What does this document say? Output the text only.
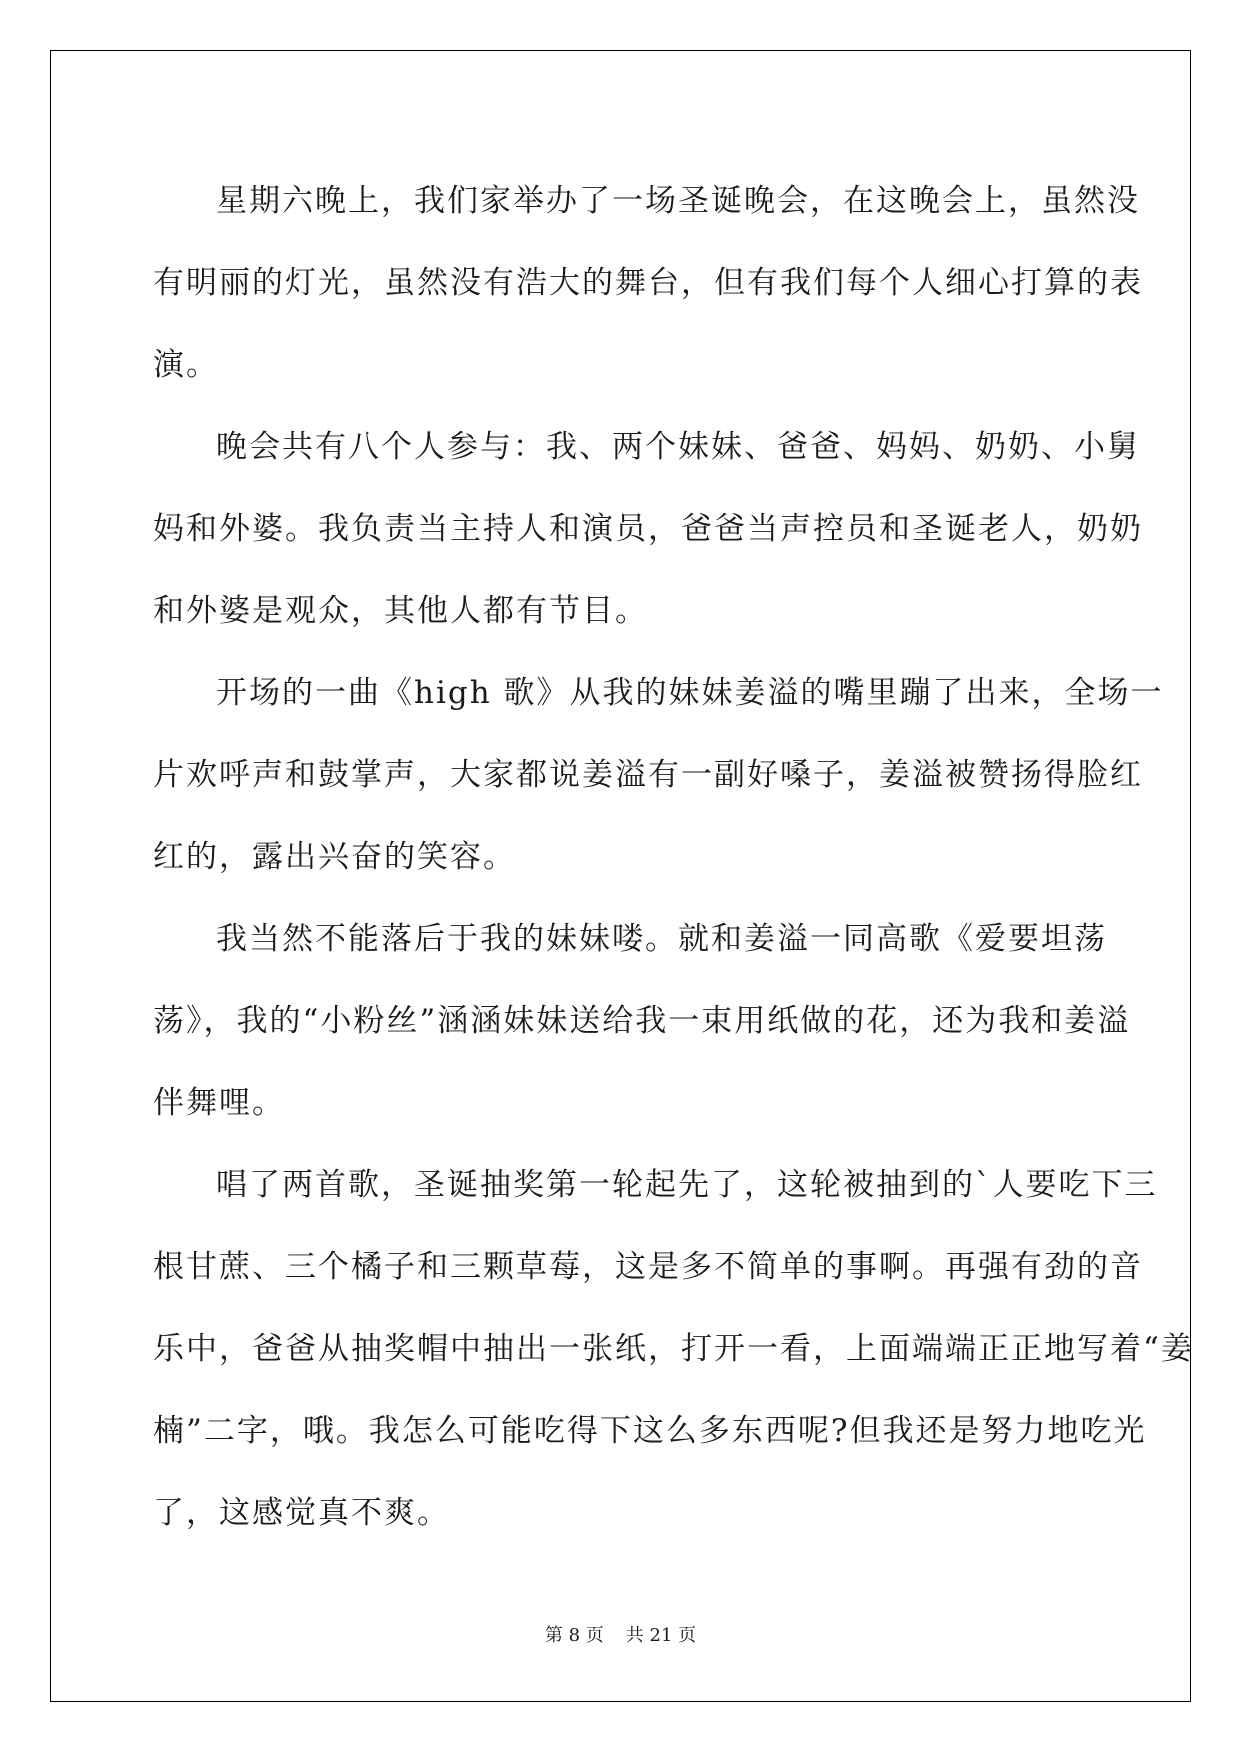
星期六晚上，我们家举办了一场圣诞晚会，在这晚会上，虽然没
有明丽的灯光，虽然没有浩大的舞台，但有我们每个人细心打算的表
演。

晚会共有八个人参与：我、两个妹妹、爸爸、妈妈、奶奶、小舅
妈和外婆。我负责当主持人和演员，爸爸当声控员和圣诞老人，奶奶
和外婆是观众，其他人都有节目。

开场的一曲《high 歌》从我的妹妹姜溢的嘴里蹦了出来，全场一
片欢呼声和鼓掌声，大家都说姜溢有一副好嗓子，姜溢被赞扬得脸红
红的，露出兴奋的笑容。

我当然不能落后于我的妹妹喽。就和姜溢一同高歌《爱要坦荡
荡》，我的“小粉丝”涵涵妹妹送给我一束用纸做的花，还为我和姜溢
伴舞哩。

唱了两首歌，圣诞抽奖第一轮起先了，这轮被抽到的`人要吃下三
根甘蔗、三个橘子和三颗草莓，这是多不简单的事啊。再强有劲的音
乐中，爸爸从抽奖帽中抽出一张纸，打开一看，上面端端正正地写着“姜
楠”二字，哦。我怎么可能吃得下这么多东西呢?但我还是努力地吃光
了，这感觉真不爽。

第 8 页 共 21 页
